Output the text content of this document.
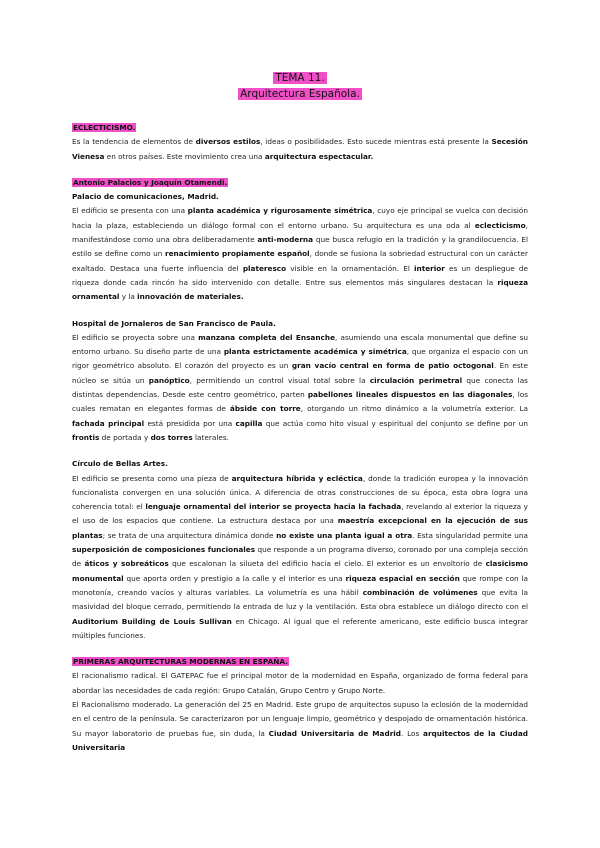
TEMA 11.
Arquitectura Española.

ECLECTICISMO.

Es la tendencia de elementos de diversos estilos, ideas o posibilidades. Esto sucede mientras está presente la Secesión Vienesa en otros países. Este movimiento crea una arquitectura espectacular.

Antonio Palacios y Joaquín Otamendi.

Palacio de comunicaciones, Madrid.

El edificio se presenta con una planta académica y rigurosamente simétrica, cuyo eje principal se vuelca con decisión hacia la plaza, estableciendo un diálogo formal con el entorno urbano. Su arquitectura es una oda al eclecticismo, manifestándose como una obra deliberadamente anti-moderna que busca refugio en la tradición y la grandilocuencia. El estilo se define como un renacimiento propiamente español, donde se fusiona la sobriedad estructural con un carácter exaltado. Destaca una fuerte influencia del plateresco visible en la ornamentación. El interior es un despliegue de riqueza donde cada rincón ha sido intervenido con detalle. Entre sus elementos más singulares destacan la riqueza ornamental y la innovación de materiales.

Hospital de Jornaleros de San Francisco de Paula.

El edificio se proyecta sobre una manzana completa del Ensanche, asumiendo una escala monumental que define su entorno urbano. Su diseño parte de una planta estrictamente académica y simétrica, que organiza el espacio con un rigor geométrico absoluto. El corazón del proyecto es un gran vacío central en forma de patio octogonal. En este núcleo se sitúa un panóptico, permitiendo un control visual total sobre la circulación perimetral que conecta las distintas dependencias. Desde este centro geométrico, parten pabellones lineales dispuestos en las diagonales, los cuales rematan en elegantes formas de ábside con torre, otorgando un ritmo dinámico a la volumetría exterior. La fachada principal está presidida por una capilla que actúa como hito visual y espiritual del conjunto se define por un frontis de portada y dos torres laterales.

Círculo de Bellas Artes.

El edificio se presenta como una pieza de arquitectura híbrida y ecléctica, donde la tradición europea y la innovación funcionalista convergen en una solución única. A diferencia de otras construcciones de su época, esta obra logra una coherencia total: el lenguaje ornamental del interior se proyecta hacia la fachada, revelando al exterior la riqueza y el uso de los espacios que contiene. La estructura destaca por una maestría excepcional en la ejecución de sus plantas; se trata de una arquitectura dinámica donde no existe una planta igual a otra. Esta singularidad permite una superposición de composiciones funcionales que responde a un programa diverso, coronado por una compleja sección de áticos y sobreáticos que escalonan la silueta del edificio hacia el cielo. El exterior es un envoltorio de clasicismo monumental que aporta orden y prestigio a la calle y el interior es una riqueza espacial en sección que rompe con la monotonía, creando vacíos y alturas variables. La volumetría es una hábil combinación de volúmenes que evita la masividad del bloque cerrado, permitiendo la entrada de luz y la ventilación. Esta obra establece un diálogo directo con el Auditorium Building de Louis Sullivan en Chicago. Al igual que el referente americano, este edificio busca integrar múltiples funciones.

PRIMERAS ARQUITECTURAS MODERNAS EN ESPAÑA.

El racionalismo radical. El GATEPAC fue el principal motor de la modernidad en España, organizado de forma federal para abordar las necesidades de cada región: Grupo Catalán, Grupo Centro y Grupo Norte.

El Racionalismo moderado. La generación del 25 en Madrid. Este grupo de arquitectos supuso la eclosión de la modernidad en el centro de la península. Se caracterizaron por un lenguaje limpio, geométrico y despojado de ornamentación histórica. Su mayor laboratorio de pruebas fue, sin duda, la Ciudad Universitaria de Madrid. Los arquitectos de la Ciudad Universitaria
